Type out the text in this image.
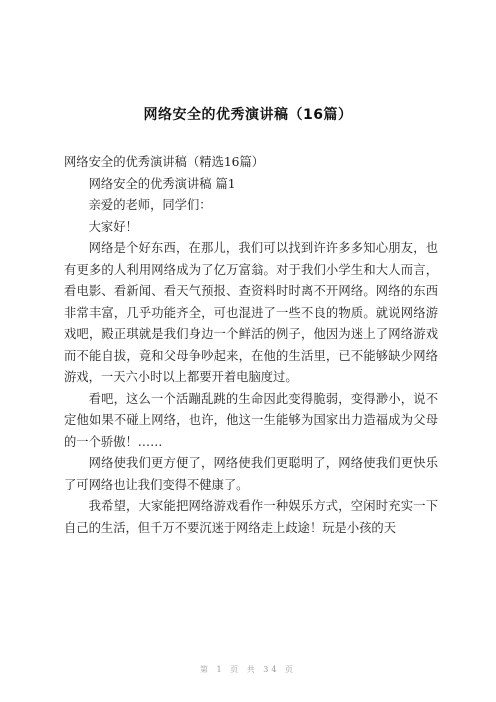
网络安全的优秀演讲稿（16篇）

网络安全的优秀演讲稿（精选16篇）

网络安全的优秀演讲稿 篇1

亲爱的老师，同学们：

大家好！

网络是个好东西，在那儿，我们可以找到许许多多知心朋友，也有更多的人利用网络成为了亿万富翁。对于我们小学生和大人而言，看电影、看新闻、看天气预报、查资料时时离不开网络。网络的东西非常丰富，几乎功能齐全，可也混进了一些不良的物质。就说网络游戏吧，殿正琪就是我们身边一个鲜活的例子，他因为迷上了网络游戏而不能自拔，竟和父母争吵起来，在他的生活里，已不能够缺少网络游戏，一天六小时以上都要开着电脑度过。

看吧，这么一个活蹦乱跳的生命因此变得脆弱，变得渺小，说不定他如果不碰上网络，也许，他这一生能够为国家出力造福成为父母的一个骄傲！……

网络使我们更方便了，网络使我们更聪明了，网络使我们更快乐了可网络也让我们变得不健康了。

我希望，大家能把网络游戏看作一种娱乐方式，空闲时充实一下自己的生活，但千万不要沉迷于网络走上歧途！玩是小孩的天

第 1 页 共 34 页
